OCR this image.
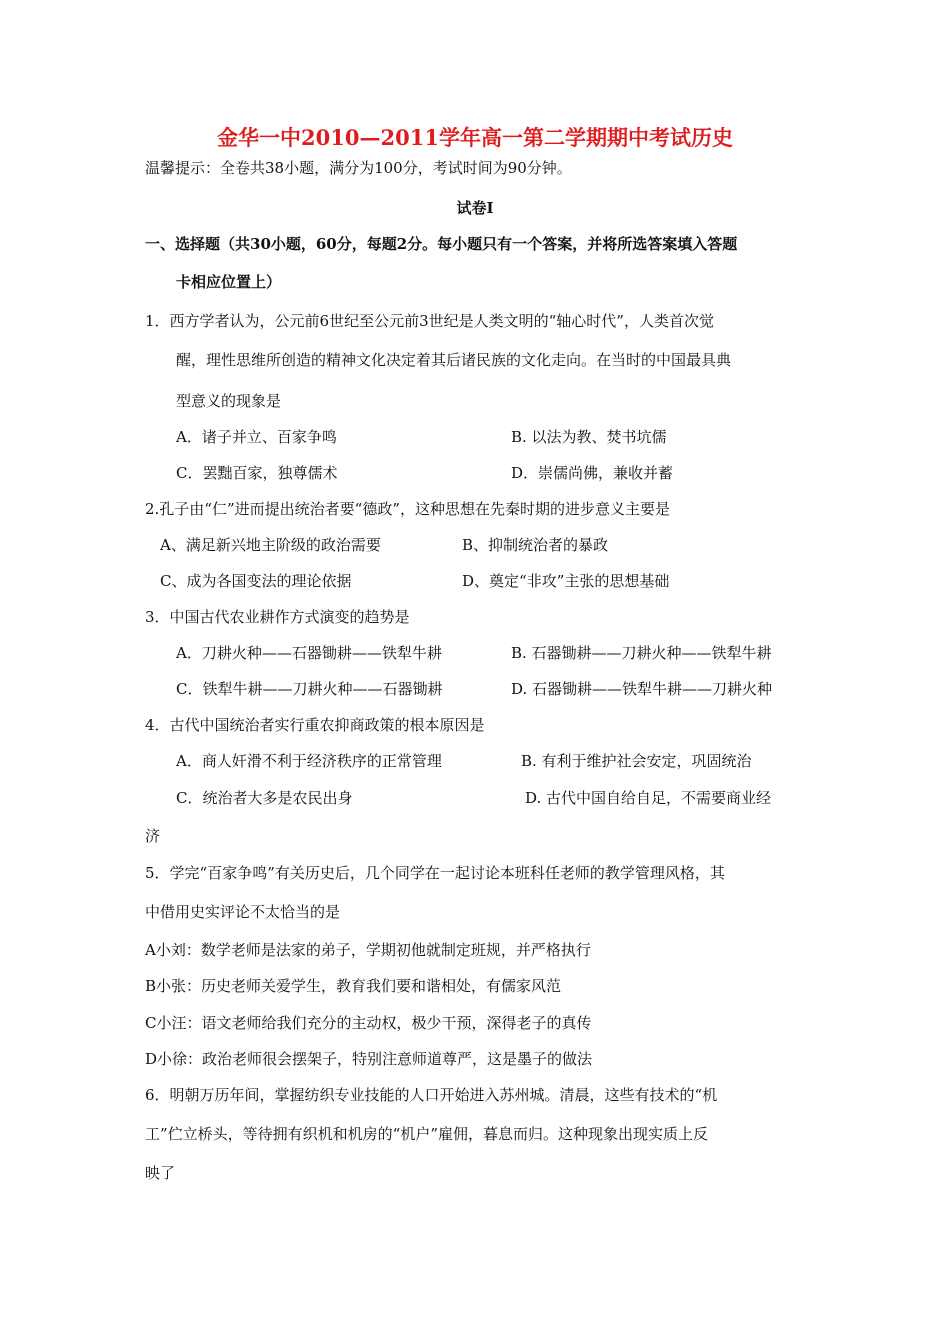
金华一中2010—2011学年高一第二学期期中考试历史
温馨提示：全卷共38小题，满分为100分，考试时间为90分钟。
试卷I
一、选择题（共30小题，60分，每题2分。每小题只有一个答案，并将所选答案填入答题
卡相应位置上）
1．西方学者认为，公元前6世纪至公元前3世纪是人类文明的“轴心时代”，人类首次觉
醒，理性思维所创造的精神文化决定着其后诸民族的文化走向。在当时的中国最具典
型意义的现象是
A．诸子并立、百家争鸣	B. 以法为教、焚书坑儒
C．罢黜百家，独尊儒术	D．崇儒尚佛，兼收并蓄
2.孔子由“仁”进而提出统治者要“德政”，这种思想在先秦时期的进步意义主要是
A、满足新兴地主阶级的政治需要	B、抑制统治者的暴政
C、成为各国变法的理论依据	D、奠定“非攻”主张的思想基础
3．中国古代农业耕作方式演变的趋势是
A．刀耕火种——石器锄耕——铁犁牛耕	B. 石器锄耕——刀耕火种——铁犁牛耕
C．铁犁牛耕——刀耕火种——石器锄耕	D. 石器锄耕——铁犁牛耕——刀耕火种
4．古代中国统治者实行重农抑商政策的根本原因是
A．商人奸滑不利于经济秩序的正常管理	B. 有利于维护社会安定，巩固统治
C．统治者大多是农民出身	D. 古代中国自给自足，不需要商业经
济
5．学完“百家争鸣”有关历史后，几个同学在一起讨论本班科任老师的教学管理风格，其
中借用史实评论不太恰当的是
A小刘：数学老师是法家的弟子，学期初他就制定班规，并严格执行
B小张：历史老师关爱学生，教育我们要和谐相处，有儒家风范
C小汪：语文老师给我们充分的主动权，极少干预，深得老子的真传
D小徐：政治老师很会摆架子，特别注意师道尊严，这是墨子的做法
6．明朝万历年间，掌握纺织专业技能的人口开始进入苏州城。清晨，这些有技术的“机
工”伫立桥头，等待拥有织机和机房的“机户”雇佣，暮息而归。这种现象出现实质上反
映了
